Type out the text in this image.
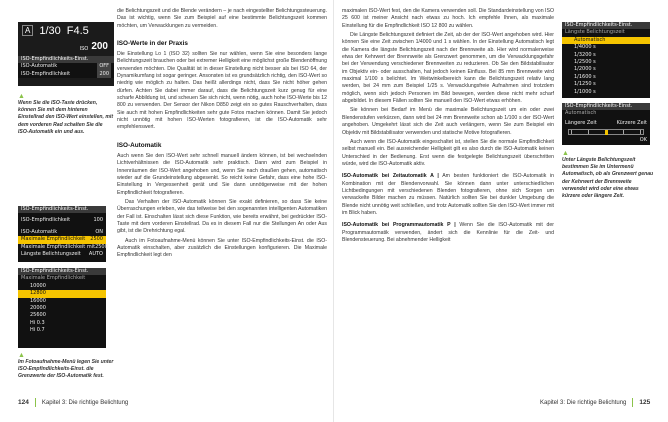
A 1/30 F4.5
ISO 200
ISO-Empfindlichkeits-Einst.
ISO-Automatik	OFF
ISO-Empfindlichkeit	200
▲
Wenn Sie die ISO-Taste drücken, können Sie mit dem hinteren Einstellrad den ISO-Wert einstellen, mit dem vorderen Rad schalten Sie die ISO-Automatik ein und aus.
ISO-Empfindlichkeits-Einst.
ISO-Empfindlichkeit	100
ISO-Automatik	ON
Maximale Empfindlichkeit 2500
Maximale Empfindlichkeit mit 2500
Längste Belichtungszeit AUTO
ISO-Empfindlichkeits-Einst.
Maximale Empfindlichkeit
10000
12800
16000
20000
25600
Hi 0.3
Hi 0.7
▲
Im Fotoaufnahme-Menü legen Sie unter ISO-Empfindlichkeits-Einst. die Grenzwerte der ISO-Automatik fest.

die Belichtungszeit und die Blende verändern – je nach eingestellter Belichtungssteuerung. Das ist wichtig, wenn Sie zum Beispiel auf eine bestimmte Belichtungszeit kommen möchten, um Verwacklungen zu vermeiden.

ISO-Werte in der Praxis

Die Einstellung Lo 1 (ISO 32) sollten Sie nur wählen, wenn Sie eine besonders lange Belichtungszeit brauchen oder bei extremer Helligkeit eine möglichst große Blendenöffnung verwenden möchten. Die Qualität ist in dieser Einstellung nicht besser als bei ISO 64, der Dynamikumfang ist sogar geringer. Ansonsten ist es grundsätzlich richtig, den ISO-Wert so niedrig wie möglich zu halten. Das heißt allerdings nicht, dass Sie nicht höher gehen dürfen. Achten Sie dabei immer darauf, dass die Belichtungszeit kurz genug für eine scharfe Abbildung ist, und scheuen Sie sich nicht, wenn nötig, auch hohe ISO-Werte bis 12 800 zu verwenden. Der Sensor der Nikon D850 zeigt ein so gutes Rauschverhalten, dass Sie auch mit hohen Empfindlichkeiten sehr gute Fotos machen können. Damit Sie jedoch nicht unnötig mit hohen ISO-Werten fotografieren, ist die ISO-Automatik sehr empfehlenswert.

ISO-Automatik

Auch wenn Sie den ISO-Wert sehr schnell manuell ändern können, ist bei wechselnden Lichtverhältnissen die ISO-Automatik sehr praktisch. Dann wird zum Beispiel in Innenräumen der ISO-Wert angehoben und, wenn Sie nach draußen gehen, automatisch wieder auf die Grundeinstellung abgesenkt. So reicht keine Gefahr, dass eine hohe ISO-Einstellung in Vergessenheit gerät und Sie dann unnötigerweise mit der hohen Empfindlichkeit fotografieren.

Das Verhalten der ISO-Automatik können Sie exakt definieren, so dass Sie keine Überraschungen erleben, wie das teilweise bei den sogenannten intelligenten Automatiken der Fall ist. Einschalten lässt sich diese Funktion, wie bereits erwähnt, bei gedrückter ISO-Taste mit dem vorderen Einstellrad. Da es in diesem Fall nur die Stellungen An oder Aus gibt, ist die Drehrichtung egal.

Auch im Fotoaufnahme-Menü können Sie unter ISO-Empfindlichkeits-Einst. die ISO-Automatik einschalten, aber zusätzlich die Einstellungen konfigurieren. Die Maximale Empfindlichkeit legt den

124 Kapitel 3: Die richtige Belichtung

maximalen ISO-Wert fest, den die Kamera verwenden soll. Die Standardeinstellung von ISO 25 600 ist meiner Ansicht nach etwas zu hoch. Ich empfehle Ihnen, als maximale Einstellung für die Empfindlichkeit ISO 12 800 zu wählen.

Die Längste Belichtungszeit definiert die Zeit, ab der der ISO-Wert angehoben wird. Hier können Sie eine Zeit zwischen 1/4000 und 1 s wählen. In der Einstellung Automatisch legt die Kamera die längste Belichtungszeit nach der Brennweite ab. Hier wird normalerweise etwa der Kehrwert der Brennweite als Grenzwert genommen, um die Verwacklungsgefahr bei der Verwendung verschiedener Brennweiten zu reduzieren. Ob Sie den Bildstabilisator im Objektiv ein- oder ausschalten, hat jedoch keinen Einfluss. Bei 85 mm Brennweite wird maximal 1/100 s belichtet. Im Weitwinkelbereich kann die Belichtungszeit relativ lang werden, bei 24 mm zum Beispiel 1/25 s. Verwacklungsfreie Aufnahmen sind trotzdem möglich, wenn sich jedoch Personen im Bild bewegen, werden diese nicht mehr scharf abgebildet. In diesem Fällen sollten Sie manuell den ISO-Wert etwas erhöhen.

Sie können bei Bedarf im Menü die maximale Belichtungszeit um ein oder zwei Blendenstufen verkürzen, dann wird bei 24 mm Brennweite schon ab 1/100 s der ISO-Wert angehoben. Umgekehrt lässt sich die Zeit auch verlängern, wenn Sie zum Beispiel ein Objektiv mit Bildstabilisator verwenden und statische Motive fotografieren.

Auch wenn die ISO-Automatik eingeschaltet ist, stellen Sie die normale Empfindlichkeit selbst manuell ein. Bei ausreichender Helligkeit gilt es also durch die ISO-Automatik keinen Unterschied in der Bedienung. Erst wenn die festgelegte Belichtungszeit überschritten würde, wird die ISO-Automatik aktiv.

ISO-Automatik bei Zeitautomatik A | Am besten funktioniert die ISO-Automatik in Kombination mit der Blendenvorwahl. Sie können dann unter unterschiedlichen Lichtbedingungen mit verschiedenen Blenden fotografieren, ohne sich Sorgen um verwackelte Bilder machen zu müssen. Natürlich sollten Sie bei dunkler Umgebung die Blende nicht unnötig weit schließen, und trotz Automatik sollten Sie den ISO-Wert immer mit im Blick haben.

ISO-Automatik bei Programmautomatik P | Wenn Sie die ISO-Automatik mit der Programmautomatik verwenden, ändert sich die Kennlinie für die Zeit- und Blendensteuerung. Bei abnehmender Helligkeit

ISO-Empfindlichkeits-Einst.
Längste Belichtungszeit
Automatisch
1/4000 s
1/3200 s
1/2500 s
1/2000 s
1/1600 s
1/1250 s
1/1000 s
ISO-Empfindlichkeits-Einst.
Automatisch
Längere Zeit	Kürzere Zeit
OK
▲
Unter Längste Belichtungszeit bestimmen Sie im Untermenü Automatisch, ob als Grenzwert genau der Kehrwert der Brennweite verwendet wird oder eine etwas kürzere oder längere Zeit.
Kapitel 3: Die richtige Belichtung 125
